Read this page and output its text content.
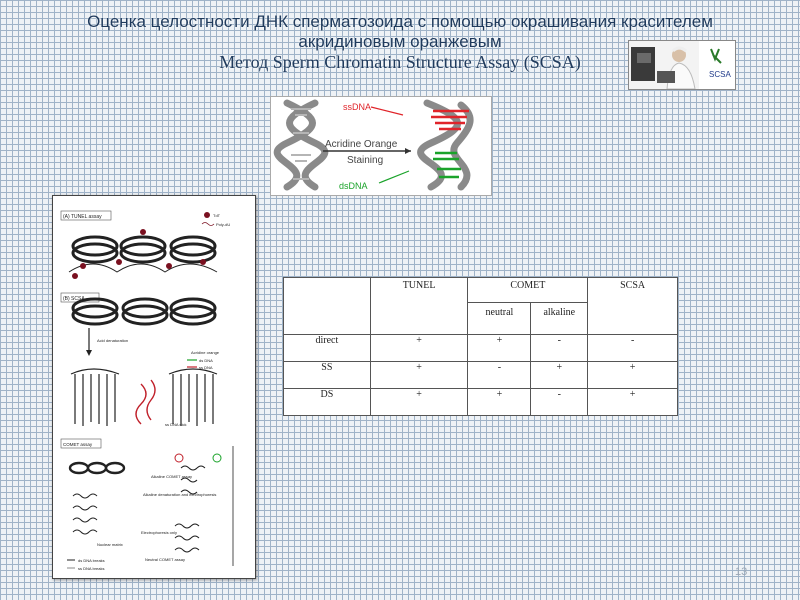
Оценка целостности ДНК сперматозоида с помощью окрашивания красителем
акридиновым оранжевым
Метод Sperm Chromatin Structure Assay (SCSA)
SCSA
ssDNA
Acridine Orange
Staining
dsDNA
(A) TUNEL assay	TdT
Poly-dU
(B) SCSA
Acid denaturation
Acridine orange
ds DNA
ss DNA
ss DNA nick
COMET assay
Alkaline COMET assay
Alkaline denaturation and electrophoresis
Nuclear matrix
Electrophoresis only
Neutral COMET assay
ds DNA breaks
ss DNA breaks
	TUNEL	COMET		SCSA
		neutral	alkaline	
direct	+	+	-	-
SS	+	-	+	+
DS	+	+	-	+
13
